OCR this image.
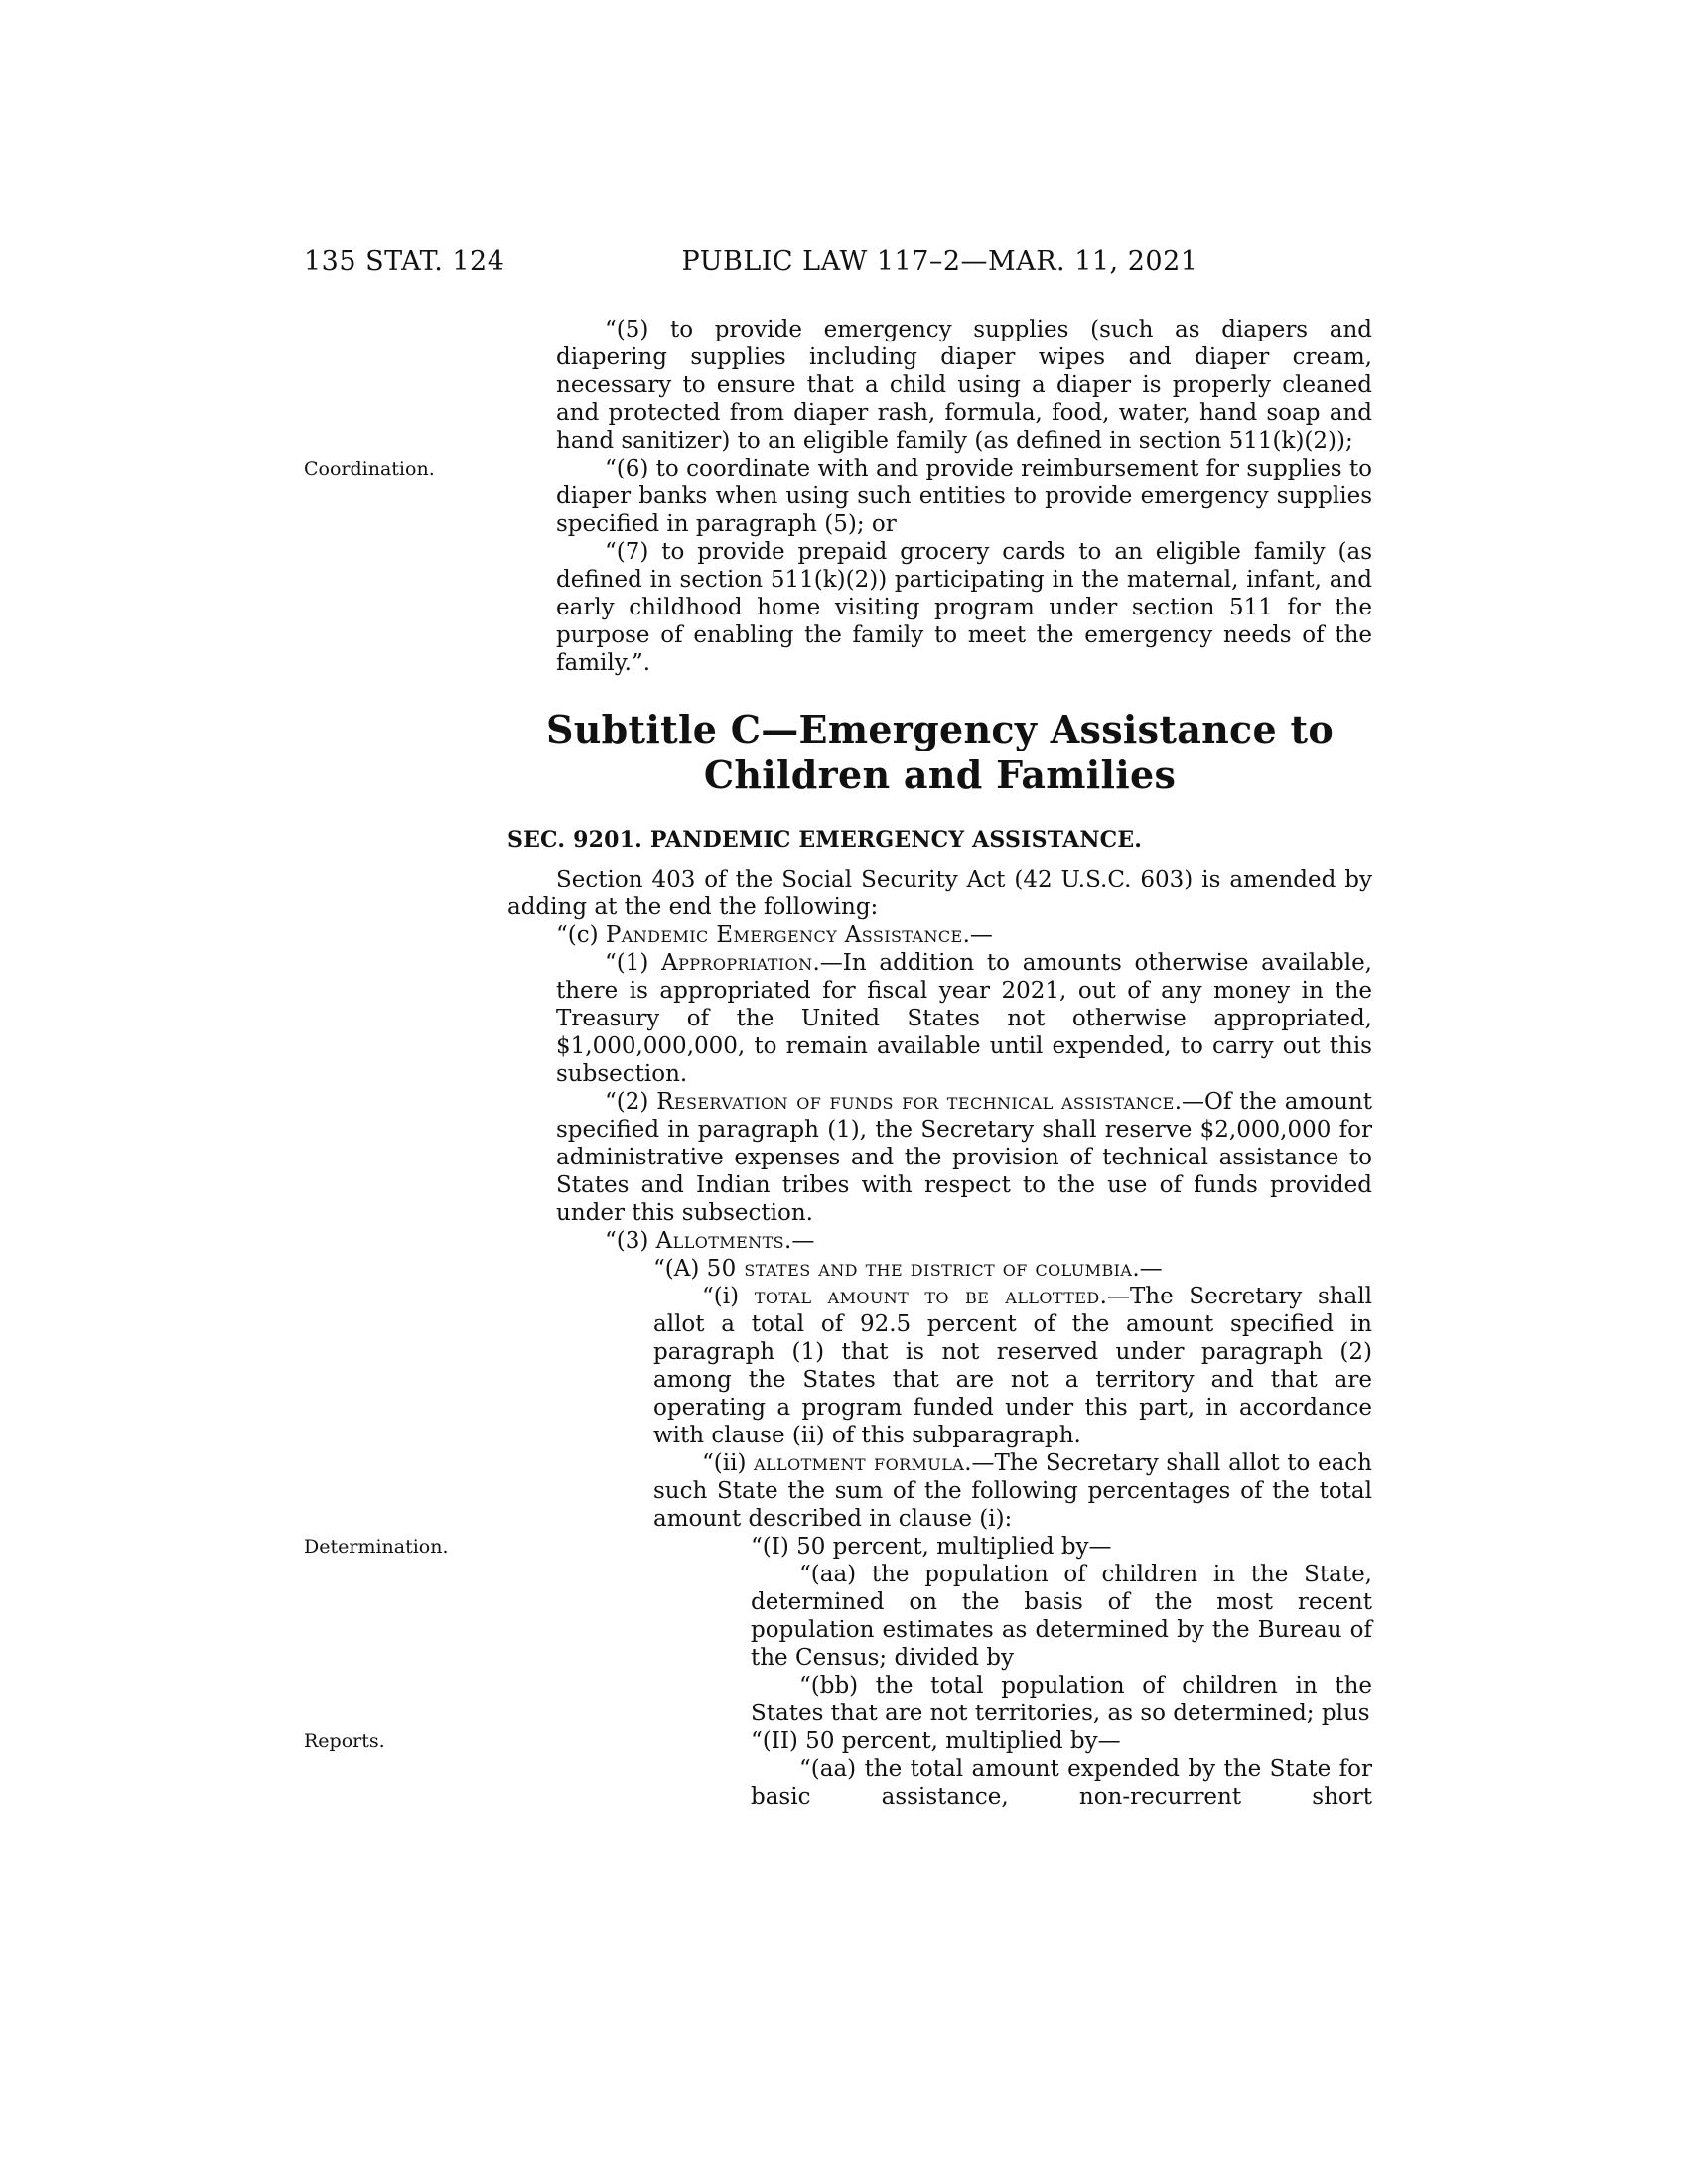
135 STAT. 124	PUBLIC LAW 117–2—MAR. 11, 2021
“(5) to provide emergency supplies (such as diapers and diapering supplies including diaper wipes and diaper cream, necessary to ensure that a child using a diaper is properly cleaned and protected from diaper rash, formula, food, water, hand soap and hand sanitizer) to an eligible family (as defined in section 511(k)(2));
“(6) to coordinate with and provide reimbursement for supplies to diaper banks when using such entities to provide emergency supplies specified in paragraph (5); or
“(7) to provide prepaid grocery cards to an eligible family (as defined in section 511(k)(2)) participating in the maternal, infant, and early childhood home visiting program under section 511 for the purpose of enabling the family to meet the emergency needs of the family.”.
Subtitle C—Emergency Assistance to Children and Families
SEC. 9201. PANDEMIC EMERGENCY ASSISTANCE.
Section 403 of the Social Security Act (42 U.S.C. 603) is amended by adding at the end the following:
“(c) Pandemic Emergency Assistance.—
“(1) Appropriation.—In addition to amounts otherwise available, there is appropriated for fiscal year 2021, out of any money in the Treasury of the United States not otherwise appropriated, $1,000,000,000, to remain available until expended, to carry out this subsection.
“(2) Reservation of funds for technical assistance.—Of the amount specified in paragraph (1), the Secretary shall reserve $2,000,000 for administrative expenses and the provision of technical assistance to States and Indian tribes with respect to the use of funds provided under this subsection.
“(3) Allotments.—
“(A) 50 states and the district of columbia.—
“(i) total amount to be allotted.—The Secretary shall allot a total of 92.5 percent of the amount specified in paragraph (1) that is not reserved under paragraph (2) among the States that are not a territory and that are operating a program funded under this part, in accordance with clause (ii) of this subparagraph.
“(ii) allotment formula.—The Secretary shall allot to each such State the sum of the following percentages of the total amount described in clause (i):
“(I) 50 percent, multiplied by—
“(aa) the population of children in the State, determined on the basis of the most recent population estimates as determined by the Bureau of the Census; divided by
“(bb) the total population of children in the States that are not territories, as so determined; plus
“(II) 50 percent, multiplied by—
“(aa) the total amount expended by the State for basic assistance, non-recurrent short
Coordination.
Determination.
Reports.
